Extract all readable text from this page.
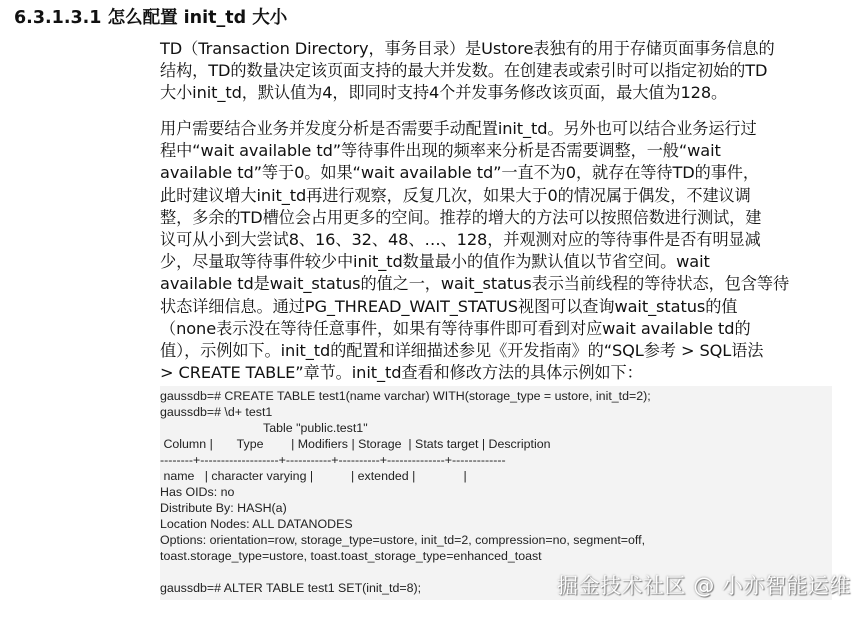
6.3.1.3.1 怎么配置 init_td 大小
TD（Transaction Directory，事务目录）是Ustore表独有的用于存储页面事务信息的
结构，TD的数量决定该页面支持的最大并发数。在创建表或索引时可以指定初始的TD
大小init_td，默认值为4，即同时支持4个并发事务修改该页面，最大值为128。
用户需要结合业务并发度分析是否需要手动配置init_td。另外也可以结合业务运行过
程中“wait available td”等待事件出现的频率来分析是否需要调整，一般“wait
available td”等于0。如果“wait available td”一直不为0，就存在等待TD的事件，
此时建议增大init_td再进行观察，反复几次，如果大于0的情况属于偶发，不建议调
整，多余的TD槽位会占用更多的空间。推荐的增大的方法可以按照倍数进行测试，建
议可从小到大尝试8、16、32、48、…、128，并观测对应的等待事件是否有明显减
少，尽量取等待事件较少中init_td数量最小的值作为默认值以节省空间。wait
available td是wait_status的值之一，wait_status表示当前线程的等待状态，包含等待
状态详细信息。通过PG_THREAD_WAIT_STATUS视图可以查询wait_status的值
（none表示没在等待任意事件，如果有等待事件即可看到对应wait available td的
值），示例如下。init_td的配置和详细描述参见《开发指南》的“SQL参考 > SQL语法
> CREATE TABLE”章节。init_td查看和修改方法的具体示例如下：
gaussdb=# CREATE TABLE test1(name varchar) WITH(storage_type = ustore, init_td=2);
gaussdb=# \d+ test1
Table "public.test1"
Column |       Type        | Modifiers | Storage  | Stats target | Description
--------+-------------------+-----------+----------+--------------+-------------
name   | character varying |           | extended |              |
Has OIDs: no
Distribute By: HASH(a)
Location Nodes: ALL DATANODES
Options: orientation=row, storage_type=ustore, init_td=2, compression=no, segment=off,
toast.storage_type=ustore, toast.toast_storage_type=enhanced_toast
gaussdb=# ALTER TABLE test1 SET(init_td=8);	掘金技术社区 @ 小亦智能运维
